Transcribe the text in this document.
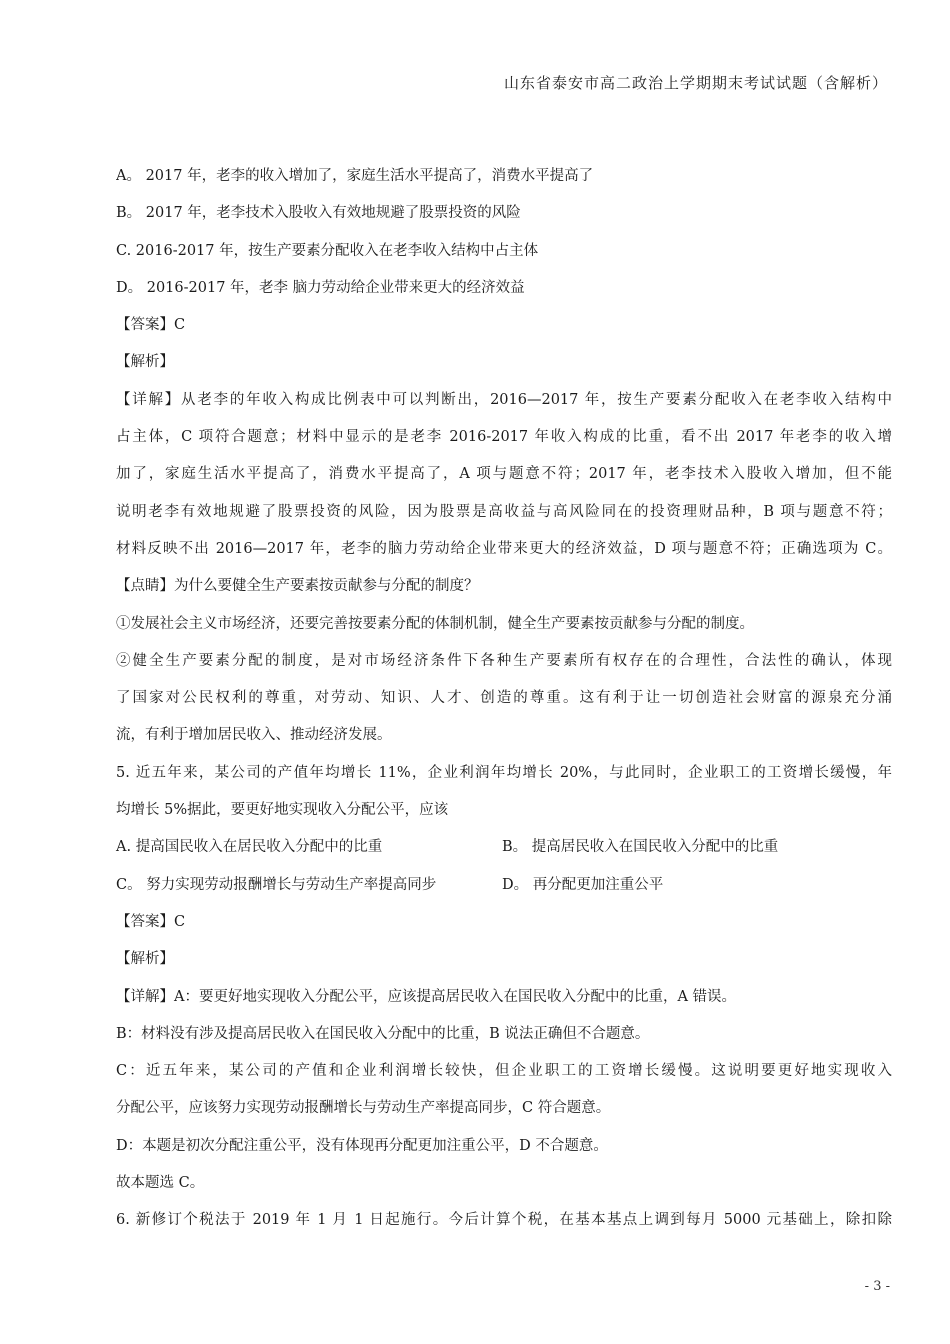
山东省泰安市高二政治上学期期末考试试题（含解析）
A。 2017 年，老李的收入增加了，家庭生活水平提高了，消费水平提高了
B。 2017 年，老李技术入股收入有效地规避了股票投资的风险
C. 2016-2017 年，按生产要素分配收入在老李收入结构中占主体
D。 2016-2017 年，老李 脑力劳动给企业带来更大的经济效益
【答案】C
【解析】
【详解】从老李的年收入构成比例表中可以判断出，2016—2017 年，按生产要素分配收入在老李收入结构中
占主体，C 项符合题意；材料中显示的是老李 2016-2017 年收入构成的比重，看不出 2017 年老李的收入增
加了，家庭生活水平提高了，消费水平提高了，A 项与题意不符；2017 年，老李技术入股收入增加，但不能
说明老李有效地规避了股票投资的风险，因为股票是高收益与高风险同在的投资理财品种，B 项与题意不符；
材料反映不出 2016—2017 年，老李的脑力劳动给企业带来更大的经济效益，D 项与题意不符；正确选项为 C。
【点睛】为什么要健全生产要素按贡献参与分配的制度？
①发展社会主义市场经济，还要完善按要素分配的体制机制，健全生产要素按贡献参与分配的制度。
②健全生产要素分配的制度，是对市场经济条件下各种生产要素所有权存在的合理性，合法性的确认，体现
了国家对公民权利的尊重，对劳动、知识、人才、创造的尊重。这有利于让一切创造社会财富的源泉充分涌
流，有利于增加居民收入、推动经济发展。
5. 近五年来，某公司的产值年均增长 11%，企业利润年均增长 20%，与此同时，企业职工的工资增长缓慢，年
均增长 5%据此，要更好地实现收入分配公平，应该
A. 提高国民收入在居民收入分配中的比重	B。 提高居民收入在国民收入分配中的比重
C。 努力实现劳动报酬增长与劳动生产率提高同步	D。 再分配更加注重公平
【答案】C
【解析】
【详解】A：要更好地实现收入分配公平，应该提高居民收入在国民收入分配中的比重，A 错误。
B：材料没有涉及提高居民收入在国民收入分配中的比重，B 说法正确但不合题意。
C：近五年来，某公司的产值和企业利润增长较快，但企业职工的工资增长缓慢。这说明要更好地实现收入
分配公平，应该努力实现劳动报酬增长与劳动生产率提高同步，C 符合题意。
D：本题是初次分配注重公平，没有体现再分配更加注重公平，D 不合题意。
故本题选 C。
6. 新修订个税法于 2019 年 1 月 1 日起施行。今后计算个税，在基本基点上调到每月 5000 元基础上，除扣除
- 3 -
